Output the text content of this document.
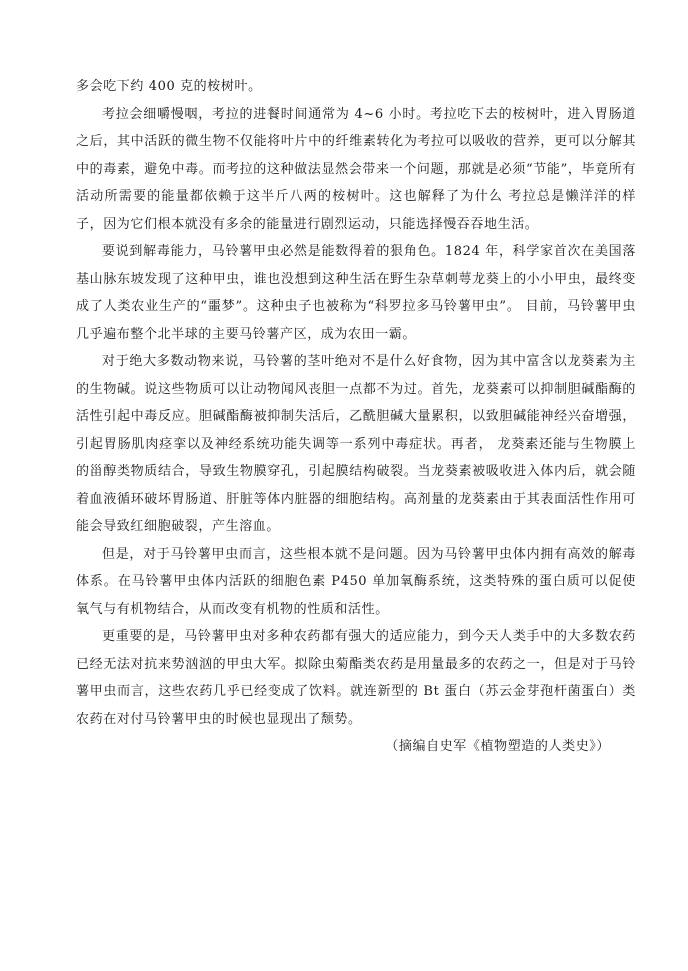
多会吃下约 400 克的桉树叶。

考拉会细嚼慢咽，考拉的进餐时间通常为 4~6 小时。考拉吃下去的桉树叶，进入胃肠道之后，其中活跃的微生物不仅能将叶片中的纤维素转化为考拉可以吸收的营养，更可以分解其中的毒素，避免中毒。而考拉的这种做法显然会带来一个问题，那就是必须“节能”，毕竟所有活动所需要的能量都依赖于这半斤八两的桉树叶。这也解释了为什么 考拉总是懒洋洋的样子，因为它们根本就没有多余的能量进行剧烈运动，只能选择慢吞吞地生活。

要说到解毒能力，马铃薯甲虫必然是能数得着的狠角色。1824 年，科学家首次在美国落基山脉东坡发现了这种甲虫，谁也没想到这种生活在野生杂草刺萼龙葵上的小小甲虫，最终变成了人类农业生产的“噩梦”。这种虫子也被称为“科罗拉多马铃薯甲虫”。 目前，马铃薯甲虫几乎遍布整个北半球的主要马铃薯产区，成为农田一霸。

对于绝大多数动物来说，马铃薯的茎叶绝对不是什么好食物，因为其中富含以龙葵素为主的生物碱。说这些物质可以让动物闻风丧胆一点都不为过。首先，龙葵素可以抑制胆碱酯酶的活性引起中毒反应。胆碱酯酶被抑制失活后，乙酰胆碱大量累积，以致胆碱能神经兴奋增强，引起胃肠肌肉痉挛以及神经系统功能失调等一系列中毒症状。再者， 龙葵素还能与生物膜上的甾醇类物质结合，导致生物膜穿孔，引起膜结构破裂。当龙葵素被吸收进入体内后，就会随着血液循环破坏胃肠道、肝脏等体内脏器的细胞结构。高剂量的龙葵素由于其表面活性作用可能会导致红细胞破裂，产生溶血。

但是，对于马铃薯甲虫而言，这些根本就不是问题。因为马铃薯甲虫体内拥有高效的解毒体系。在马铃薯甲虫体内活跃的细胞色素 P450 单加氧酶系统，这类特殊的蛋白质可以促使氧气与有机物结合，从而改变有机物的性质和活性。

更重要的是，马铃薯甲虫对多种农药都有强大的适应能力，到今天人类手中的大多数农药已经无法对抗来势汹汹的甲虫大军。拟除虫菊酯类农药是用量最多的农药之一，但是对于马铃薯甲虫而言，这些农药几乎已经变成了饮料。就连新型的 Bt 蛋白（苏云金芽孢杆菌蛋白）类农药在对付马铃薯甲虫的时候也显现出了颓势。

（摘编自史军《植物塑造的人类史》）
